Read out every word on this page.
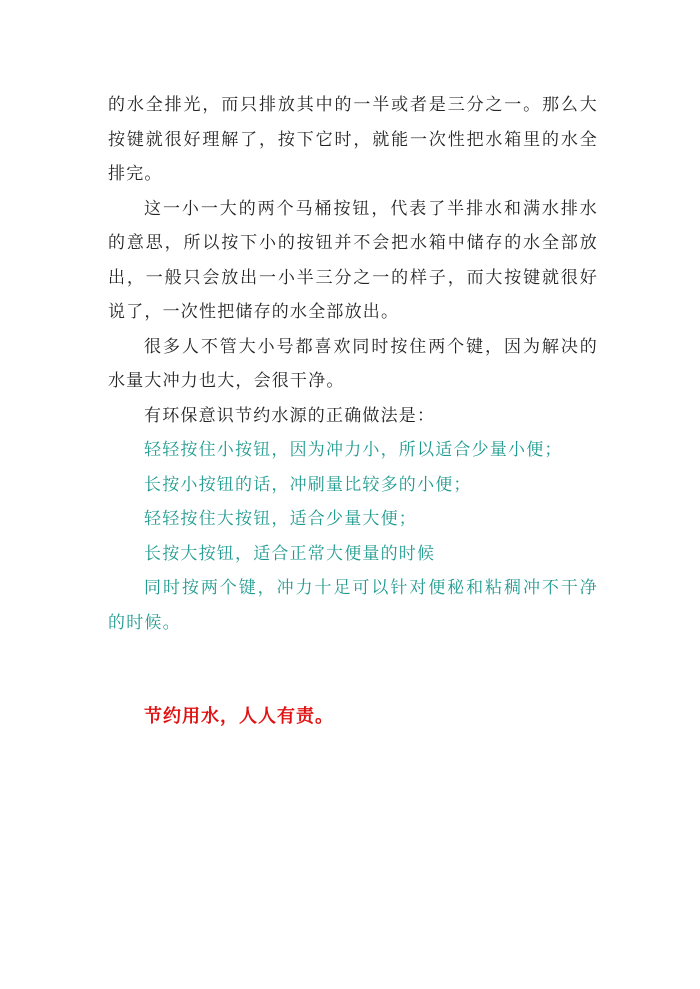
的水全排光，而只排放其中的一半或者是三分之一。那么大按键就很好理解了，按下它时，就能一次性把水箱里的水全排完。

这一小一大的两个马桶按钮，代表了半排水和满水排水的意思，所以按下小的按钮并不会把水箱中储存的水全部放出，一般只会放出一小半三分之一的样子，而大按键就很好说了，一次性把储存的水全部放出。

很多人不管大小号都喜欢同时按住两个键，因为解决的水量大冲力也大，会很干净。

有环保意识节约水源的正确做法是：

轻轻按住小按钮，因为冲力小，所以适合少量小便；

长按小按钮的话，冲刷量比较多的小便；

轻轻按住大按钮，适合少量大便；

长按大按钮，适合正常大便量的时候

同时按两个键，冲力十足可以针对便秘和粘稠冲不干净的时候。

节约用水，人人有责。
